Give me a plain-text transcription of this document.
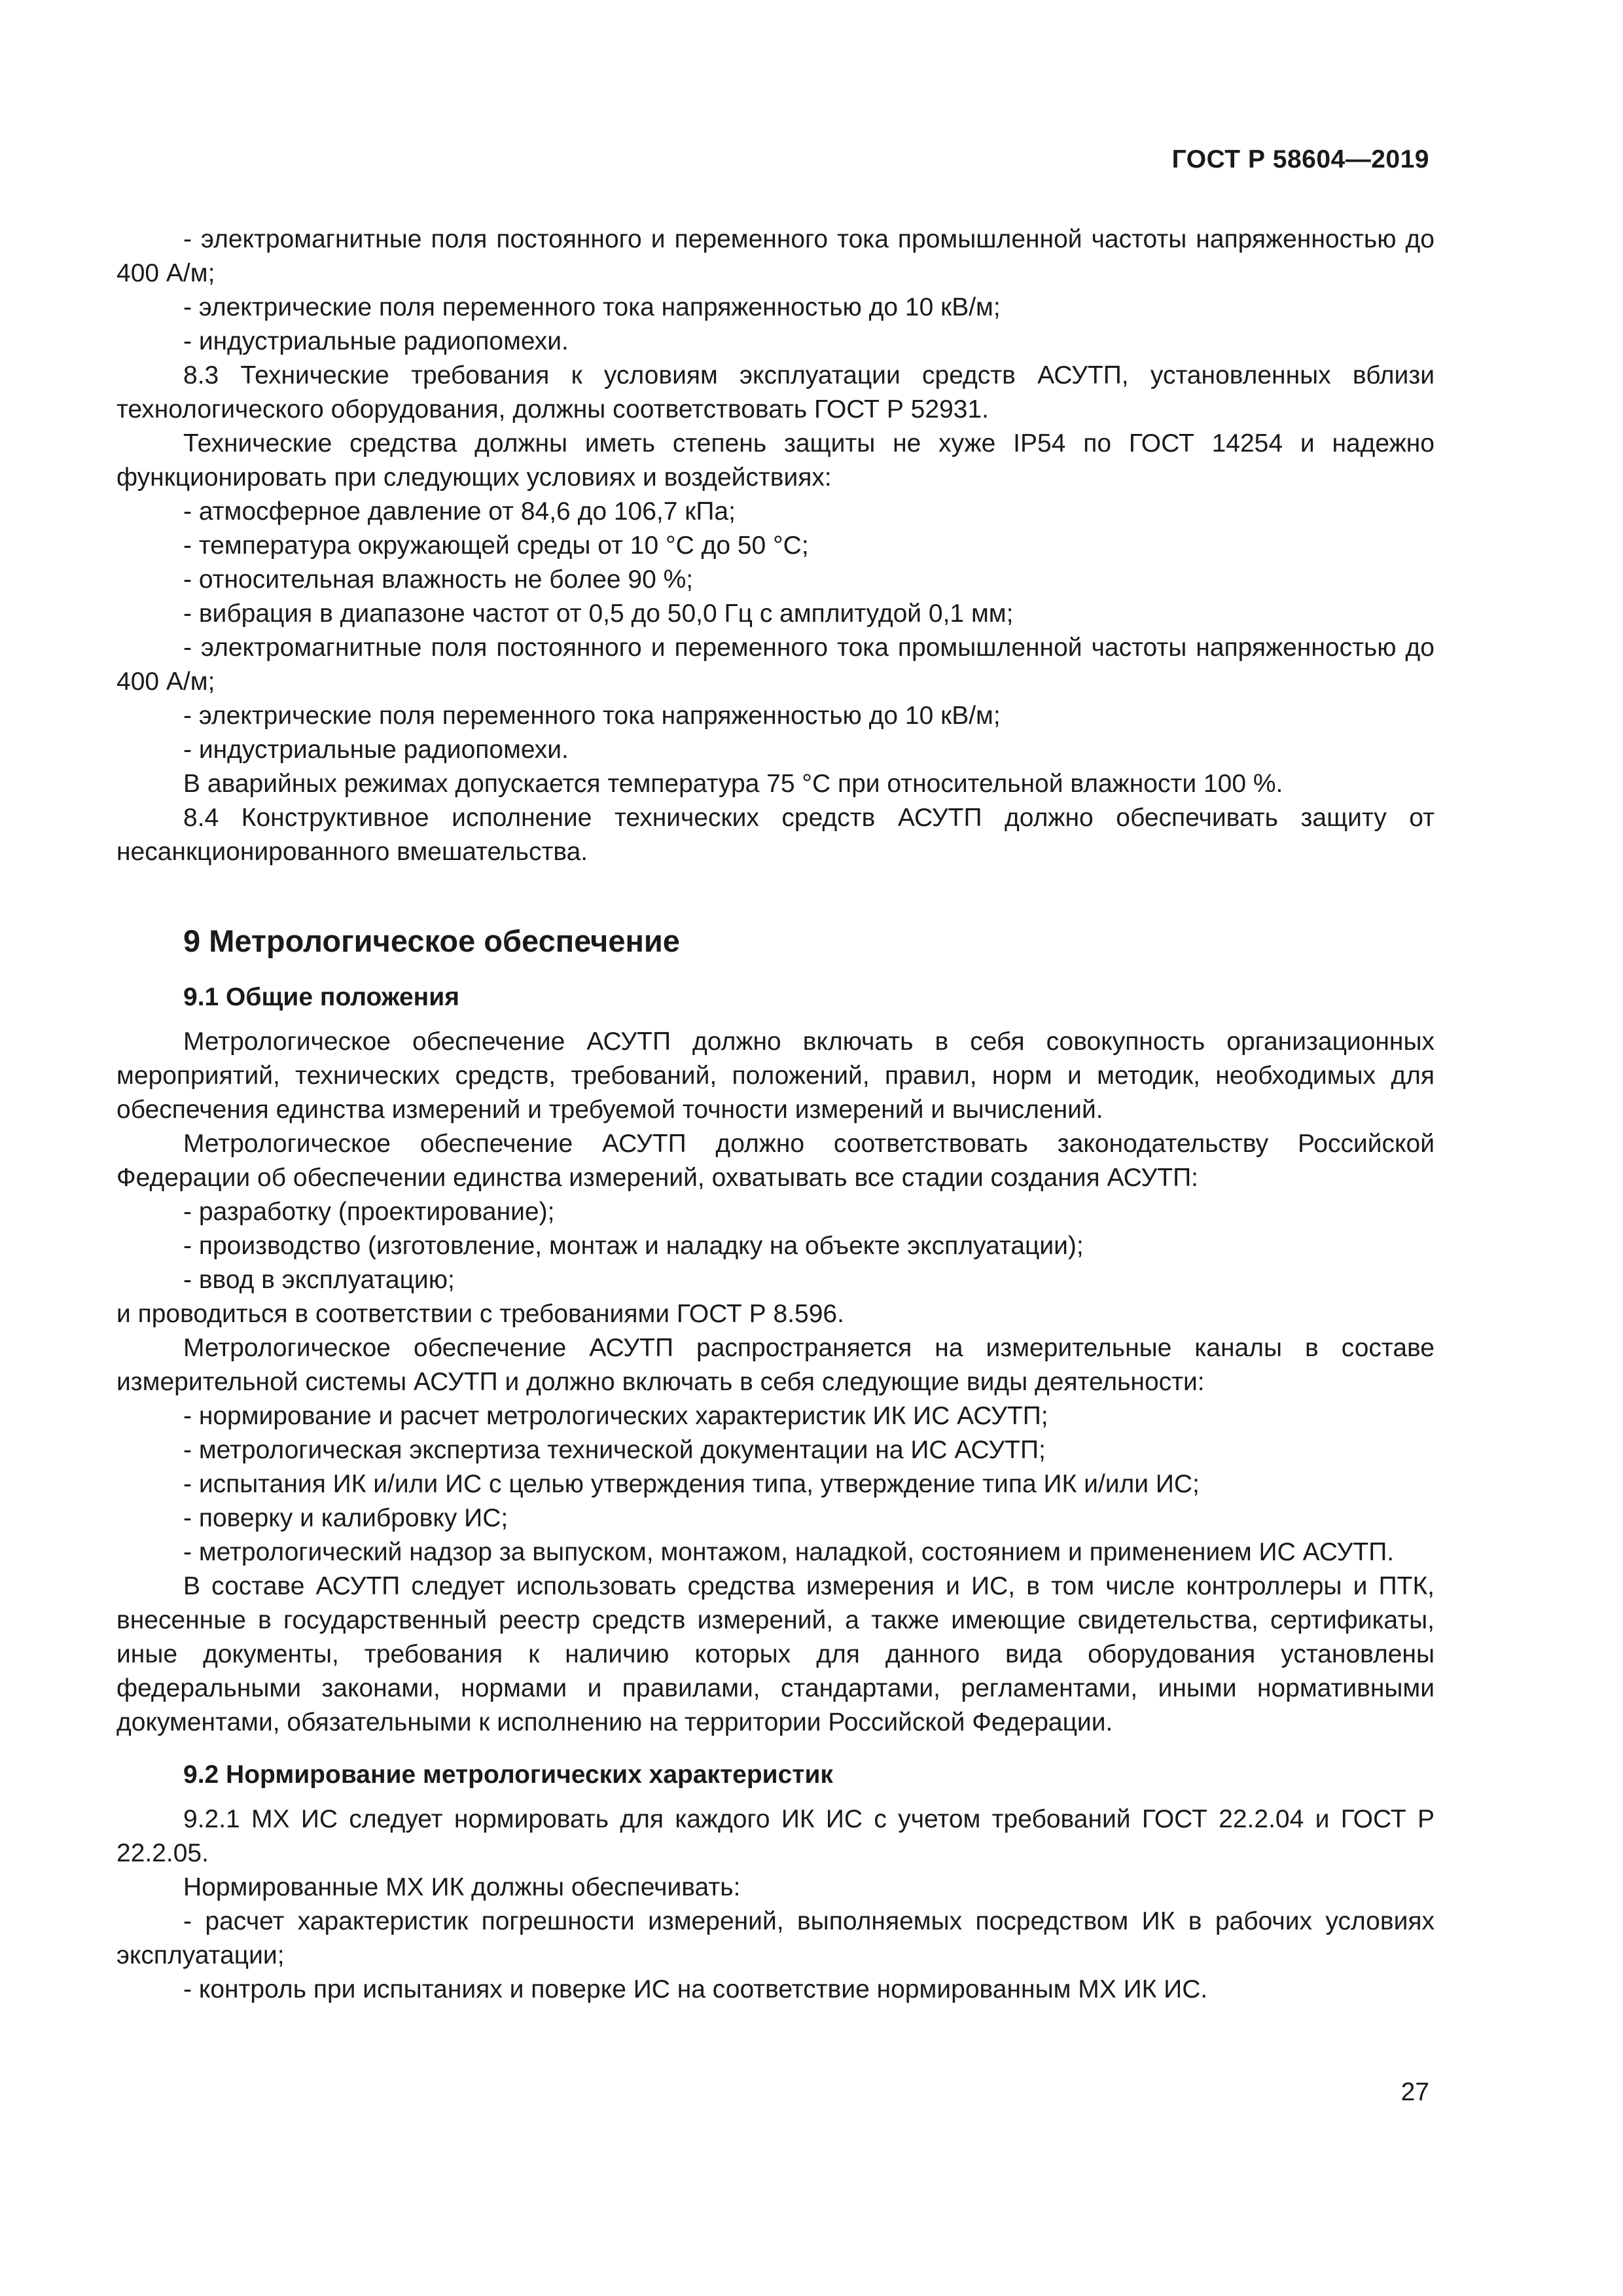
ГОСТ Р 58604—2019

- электромагнитные поля постоянного и переменного тока промышленной частоты напряженностью до 400 А/м;

- электрические поля переменного тока напряженностью до 10 кВ/м;

- индустриальные радиопомехи.

8.3 Технические требования к условиям эксплуатации средств АСУТП, установленных вблизи технологического оборудования, должны соответствовать ГОСТ Р 52931.

Технические средства должны иметь степень защиты не хуже IP54 по ГОСТ 14254 и надежно функционировать при следующих условиях и воздействиях:

- атмосферное давление от 84,6 до 106,7 кПа;

- температура окружающей среды от 10 °С до 50 °С;

- относительная влажность не более 90 %;

- вибрация в диапазоне частот от 0,5 до 50,0 Гц с амплитудой 0,1 мм;

- электромагнитные поля постоянного и переменного тока промышленной частоты напряженностью до 400 А/м;

- электрические поля переменного тока напряженностью до 10 кВ/м;

- индустриальные радиопомехи.

В аварийных режимах допускается температура 75 °С при относительной влажности 100 %.

8.4 Конструктивное исполнение технических средств АСУТП должно обеспечивать защиту от несанкционированного вмешательства.

9 Метрологическое обеспечение
9.1 Общие положения

Метрологическое обеспечение АСУТП должно включать в себя совокупность организационных мероприятий, технических средств, требований, положений, правил, норм и методик, необходимых для обеспечения единства измерений и требуемой точности измерений и вычислений.

Метрологическое обеспечение АСУТП должно соответствовать законодательству Российской Федерации об обеспечении единства измерений, охватывать все стадии создания АСУТП:

- разработку (проектирование);

- производство (изготовление, монтаж и наладку на объекте эксплуатации);

- ввод в эксплуатацию;

и проводиться в соответствии с требованиями ГОСТ Р 8.596.

Метрологическое обеспечение АСУТП распространяется на измерительные каналы в составе измерительной системы АСУТП и должно включать в себя следующие виды деятельности:

- нормирование и расчет метрологических характеристик ИК ИС АСУТП;

- метрологическая экспертиза технической документации на ИС АСУТП;

- испытания ИК и/или ИС с целью утверждения типа, утверждение типа ИК и/или ИС;

- поверку и калибровку ИС;

- метрологический надзор за выпуском, монтажом, наладкой, состоянием и применением ИС АСУТП.

В составе АСУТП следует использовать средства измерения и ИС, в том числе контроллеры и ПТК, внесенные в государственный реестр средств измерений, а также имеющие свидетельства, сертификаты, иные документы, требования к наличию которых для данного вида оборудования установлены федеральными законами, нормами и правилами, стандартами, регламентами, иными нормативными документами, обязательными к исполнению на территории Российской Федерации.

9.2 Нормирование метрологических характеристик

9.2.1 МХ ИС следует нормировать для каждого ИК ИС с учетом требований ГОСТ 22.2.04 и ГОСТ Р 22.2.05.

Нормированные МХ ИК должны обеспечивать:

- расчет характеристик погрешности измерений, выполняемых посредством ИК в рабочих условиях эксплуатации;

- контроль при испытаниях и поверке ИС на соответствие нормированным МХ ИК ИС.

27
